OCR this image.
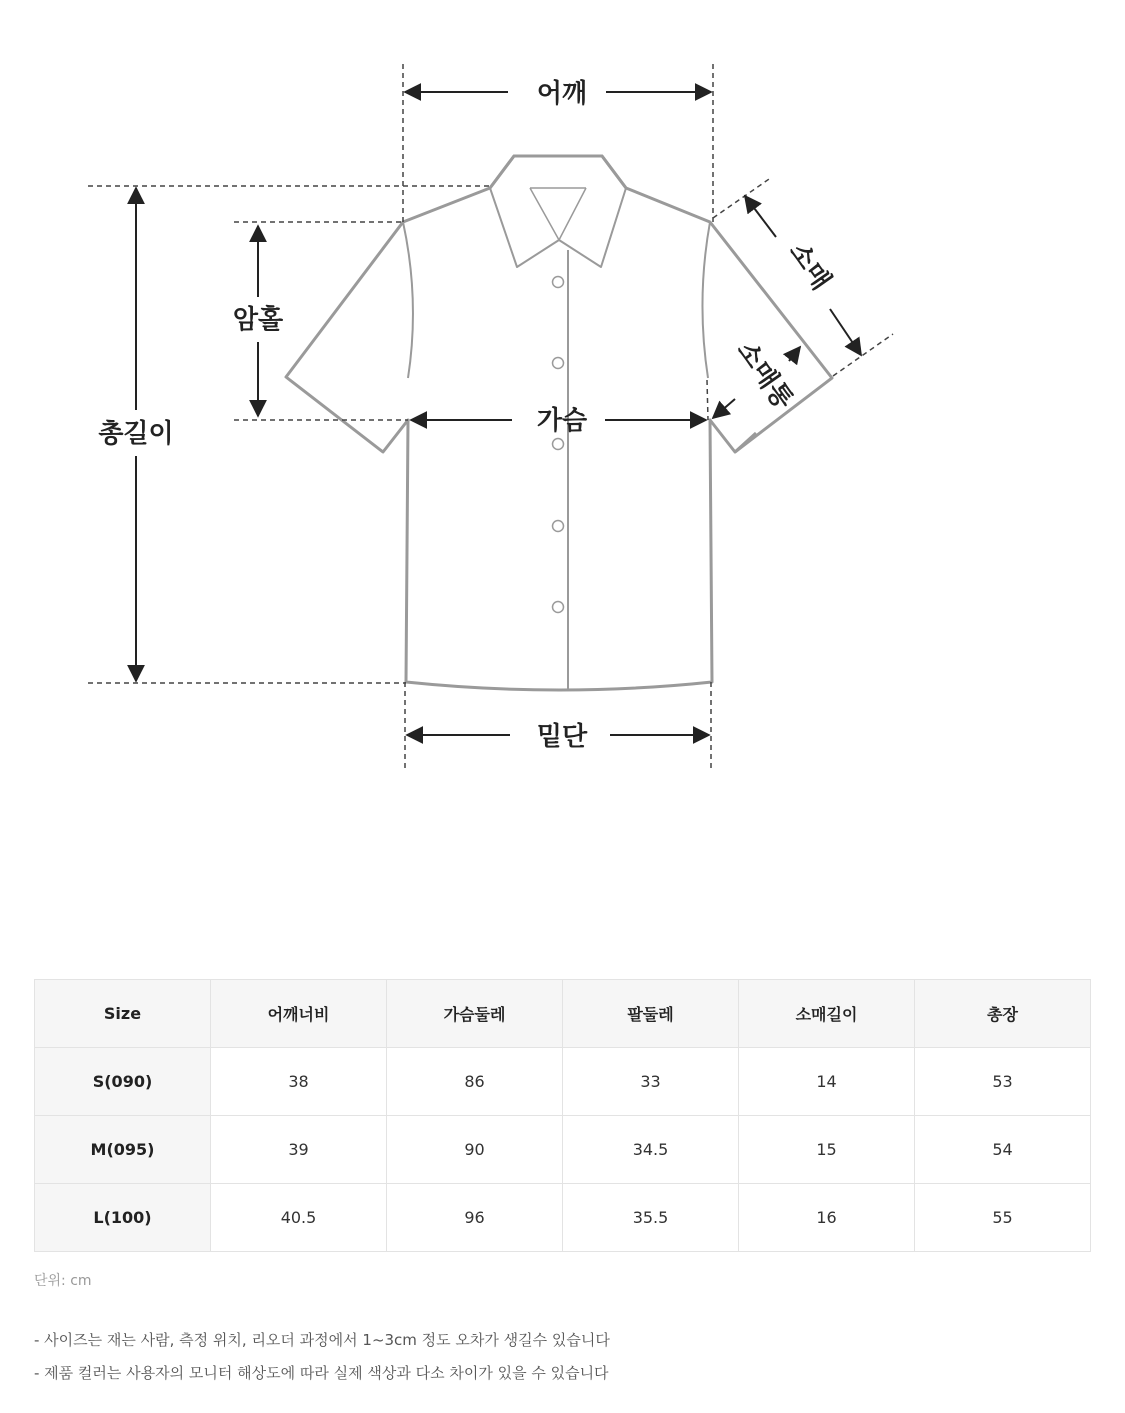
어깨
가슴
밑단
총길이
암홀
소매
소매통
Size	어깨너비	가슴둘레	팔둘레	소매길이	총장
S(090)	38	86	33	14	53
M(095)	39	90	34.5	15	54
L(100)	40.5	96	35.5	16	55
단위: cm
- 사이즈는 재는 사람, 측정 위치, 리오더 과정에서 1~3cm 정도 오차가 생길수 있습니다
- 제품 컬러는 사용자의 모니터 해상도에 따라 실제 색상과 다소 차이가 있을 수 있습니다
